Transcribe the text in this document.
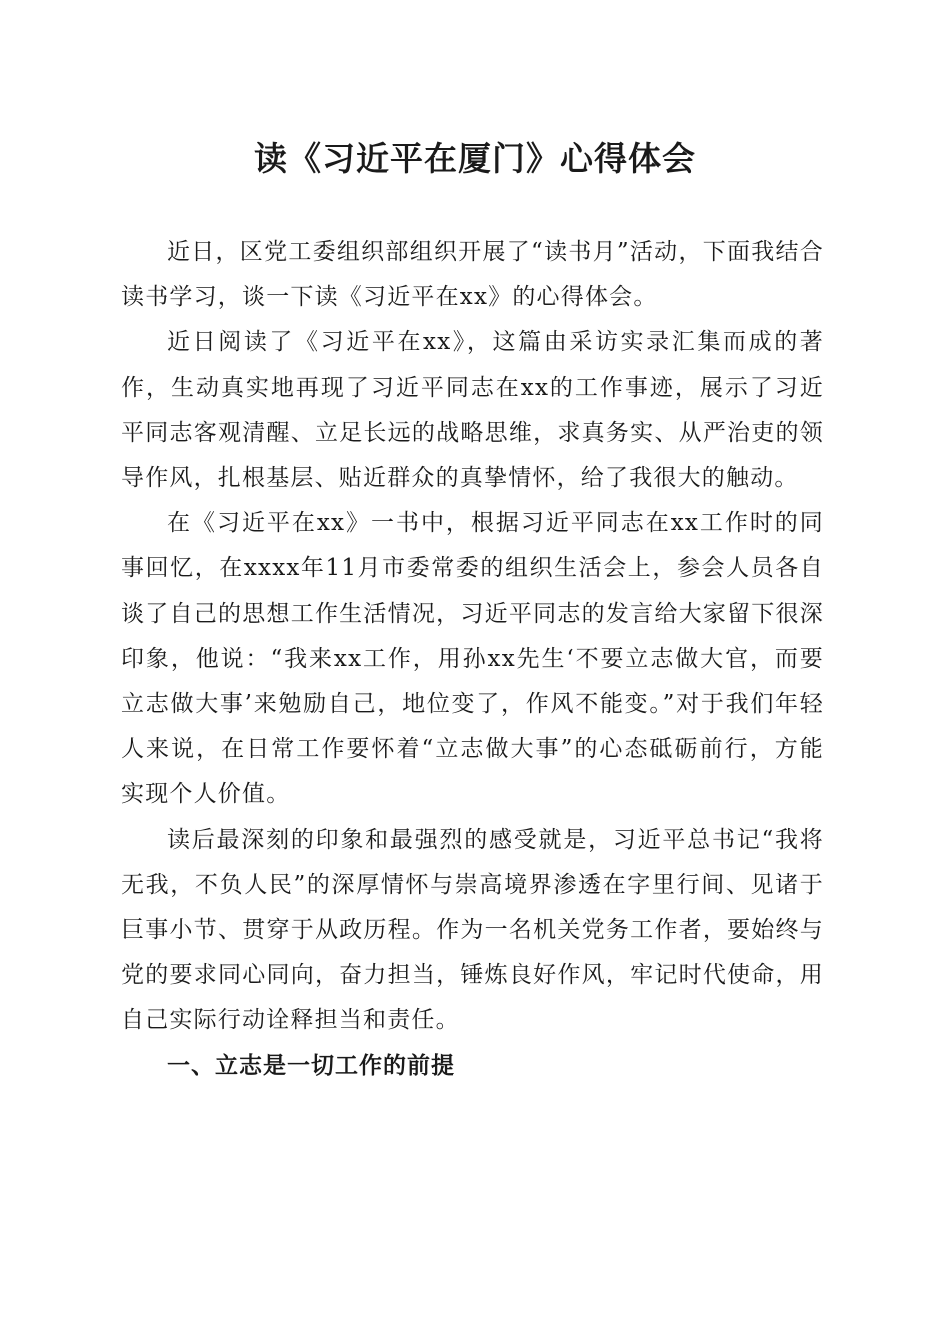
读《习近平在厦门》心得体会

近日，区党工委组织部组织开展了“读书月”活动，下面我结合读书学习，谈一下读《习近平在xx》的心得体会。

近日阅读了《习近平在xx》，这篇由采访实录汇集而成的著作，生动真实地再现了习近平同志在xx的工作事迹，展示了习近平同志客观清醒、立足长远的战略思维，求真务实、从严治吏的领导作风，扎根基层、贴近群众的真挚情怀，给了我很大的触动。

在《习近平在xx》一书中，根据习近平同志在xx工作时的同事回忆，在xxxx年11月市委常委的组织生活会上，参会人员各自谈了自己的思想工作生活情况，习近平同志的发言给大家留下很深印象，他说：“我来xx工作，用孙xx先生‘不要立志做大官，而要立志做大事’来勉励自己，地位变了，作风不能变。”对于我们年轻人来说，在日常工作要怀着“立志做大事”的心态砥砺前行，方能实现个人价值。

读后最深刻的印象和最强烈的感受就是，习近平总书记“我将无我，不负人民”的深厚情怀与崇高境界渗透在字里行间、见诸于巨事小节、贯穿于从政历程。作为一名机关党务工作者，要始终与党的要求同心同向，奋力担当，锤炼良好作风，牢记时代使命，用自己实际行动诠释担当和责任。

一、立志是一切工作的前提
